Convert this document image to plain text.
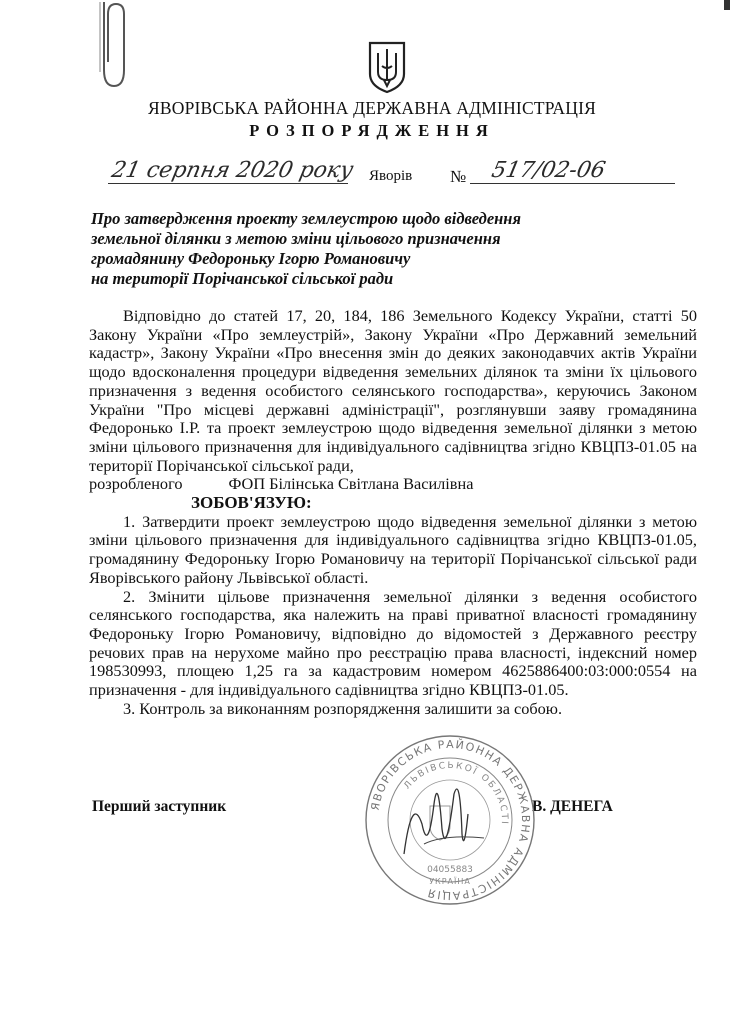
ЯВОРІВСЬКА РАЙОННА ДЕРЖАВНА АДМІНІСТРАЦІЯ
РОЗПОРЯДЖЕННЯ
21 серпня 2020 року Яворів № 517/02-06
Про затвердження проекту землеустрою щодо відведення
земельної ділянки з метою зміни цільового призначення
громадянину Федороньку Ігорю Романовичу
на території Порічанської сільської ради

Відповідно до статей 17, 20, 184, 186 Земельного Кодексу України, статті 50 Закону України «Про землеустрій», Закону України «Про Державний земельний кадастр», Закону України «Про внесення змін до деяких законодавчих актів України щодо вдосконалення процедури відведення земельних ділянок та зміни їх цільового призначення з ведення особистого селянського господарства», керуючись Законом України "Про місцеві державні адміністрації", розглянувши заяву громадянина Федоронько І.Р. та проект землеустрою щодо відведення земельної ділянки з метою зміни цільового призначення для індивідуального садівництва згідно КВЦПЗ-01.05 на території Порічанської сільської ради,

розробленого	ФОП Білінська Світлана Василівна

ЗОБОВ'ЯЗУЮ:

1. Затвердити проект землеустрою щодо відведення земельної ділянки з метою зміни цільового призначення для індивідуального садівництва згідно КВЦПЗ-01.05, громадянину Федороньку Ігорю Романовичу на території Порічанської сільської ради Яворівського району Львівської області.

2. Змінити цільове призначення земельної ділянки з ведення особистого селянського господарства, яка належить на праві приватної власності громадянину Федороньку Ігорю Романовичу, відповідно до відомостей з Державного реєстру речових прав на нерухоме майно про реєстрацію права власності, індексний номер 198530993, площею 1,25 га за кадастровим номером 4625886400:03:000:0554 на призначення - для індивідуального садівництва згідно КВЦПЗ-01.05.

3. Контроль за виконанням розпорядження залишити за собою.

Перший заступник	В. ДЕНЕГА
ЯВОРІВСЬКА РАЙОННА ДЕРЖАВНА АДМІНІСТРАЦІЯ
ЛЬВІВСЬКОЇ ОБЛАСТІ
04055883
УКРАЇНА
